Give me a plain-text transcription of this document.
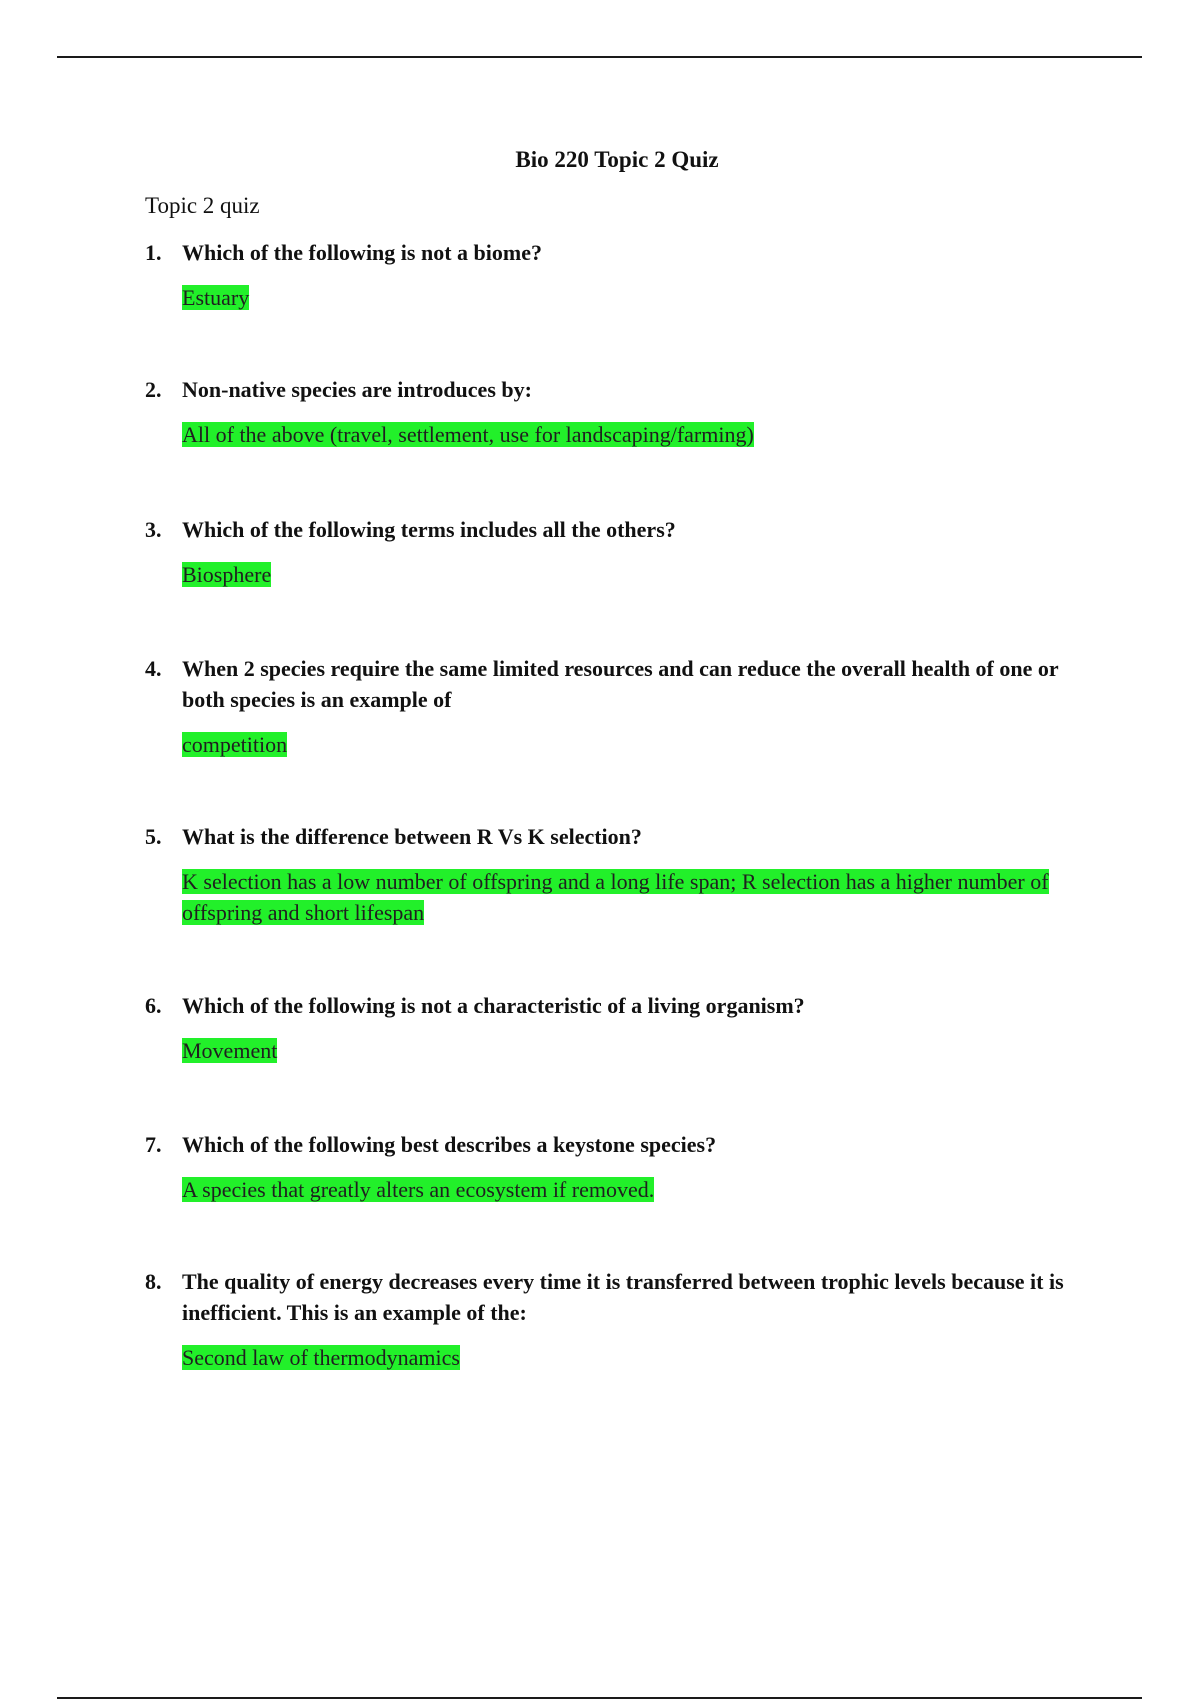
Bio 220 Topic 2 Quiz
Topic 2 quiz
1. Which of the following is not a biome?
Estuary
2. Non-native species are introduces by:
All of the above (travel, settlement, use for landscaping/farming)
3. Which of the following terms includes all the others?
Biosphere
4. When 2 species require the same limited resources and can reduce the overall health of one or both species is an example of
competition
5. What is the difference between R Vs K selection?
K selection has a low number of offspring and a long life span; R selection has a higher number of offspring and short lifespan
6. Which of the following is not a characteristic of a living organism?
Movement
7. Which of the following best describes a keystone species?
A species that greatly alters an ecosystem if removed.
8. The quality of energy decreases every time it is transferred between trophic levels because it is inefficient. This is an example of the:
Second law of thermodynamics
